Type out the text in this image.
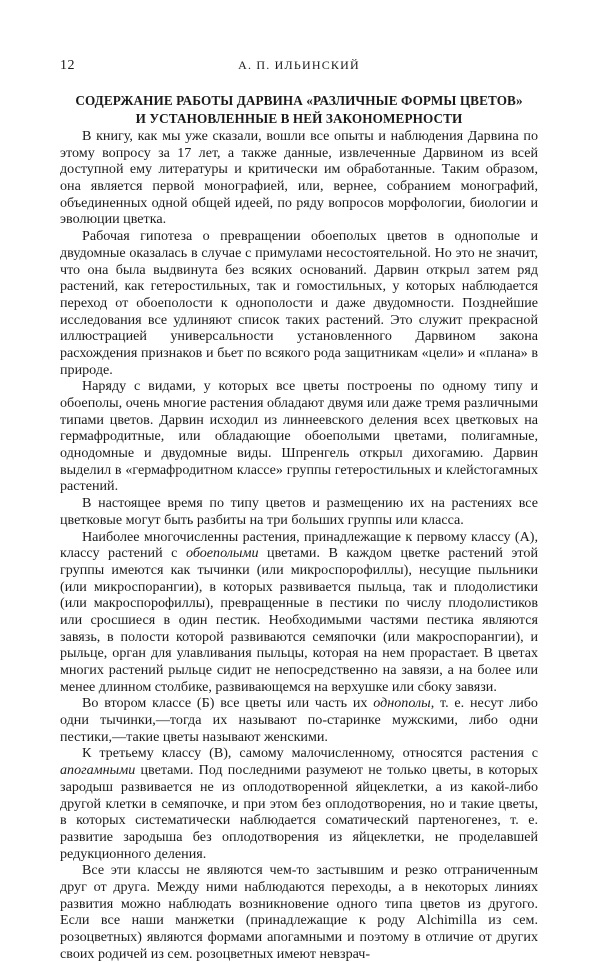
12	А. П. ИЛЬИНСКИЙ
СОДЕРЖАНИЕ РАБОТЫ ДАРВИНА «РАЗЛИЧНЫЕ ФОРМЫ ЦВЕТОВ»
И УСТАНОВЛЕННЫЕ В НЕЙ ЗАКОНОМЕРНОСТИ

В книгу, как мы уже сказали, вошли все опыты и наблюдения Дарвина по этому вопросу за 17 лет, а также данные, извлеченные Дарвином из всей доступной ему литературы и критически им обработанные. Таким образом, она является первой монографией, или, вернее, собранием монографий, объединенных одной общей идеей, по ряду вопросов морфологии, биологии и эволюции цветка.

Рабочая гипотеза о превращении обоеполых цветов в однополые и двудомные оказалась в случае с примулами несостоятельной. Но это не значит, что она была выдвинута без всяких оснований. Дарвин открыл затем ряд растений, как гетеростильных, так и гомостильных, у которых наблюдается переход от обоеполости к однополости и даже двудомности. Позднейшие исследования все удлиняют список таких растений. Это служит прекрасной иллюстрацией универсальности установленного Дарвином закона расхождения признаков и бьет по всякого рода защитникам «цели» и «плана» в природе.

Наряду с видами, у которых все цветы построены по одному типу и обоеполы, очень многие растения обладают двумя или даже тремя различными типами цветов. Дарвин исходил из линнеевского деления всех цветковых на гермафродитные, или обладающие обоеполыми цветами, полигамные, однодомные и двудомные виды. Шпренгель открыл дихогамию. Дарвин выделил в «гермафродитном классе» группы гетеростильных и клейстогамных растений.

В настоящее время по типу цветов и размещению их на растениях все цветковые могут быть разбиты на три больших группы или класса.

Наиболее многочисленны растения, принадлежащие к первому классу (А), классу растений с обоеполыми цветами. В каждом цветке растений этой группы имеются как тычинки (или микроспорофиллы), несущие пыльники (или микроспорангии), в которых развивается пыльца, так и плодолистики (или макроспорофиллы), превращенные в пестики по числу плодолистиков или сросшиеся в один пестик. Необходимыми частями пестика являются завязь, в полости которой развиваются семяпочки (или макроспорангии), и рыльце, орган для улавливания пыльцы, которая на нем прорастает. В цветах многих растений рыльце сидит не непосредственно на завязи, а на более или менее длинном столбике, развивающемся на верхушке или сбоку завязи.

Во втором классе (Б) все цветы или часть их однополы, т. е. несут либо одни тычинки,—тогда их называют по-старинке мужскими, либо одни пестики,—такие цветы называют женскими.

К третьему классу (В), самому малочисленному, относятся растения с апогамными цветами. Под последними разумеют не только цветы, в которых зародыш развивается не из оплодотворенной яйцеклетки, а из какой-либо другой клетки в семяпочке, и при этом без оплодотворения, но и такие цветы, в которых систематически наблюдается соматический партеногенез, т. е. развитие зародыша без оплодотворения из яйцеклетки, не проделавшей редукционного деления.

Все эти классы не являются чем-то застывшим и резко отграниченным друг от друга. Между ними наблюдаются переходы, а в некоторых линиях развития можно наблюдать возникновение одного типа цветов из другого. Если все наши манжетки (принадлежащие к роду Alchimilla из сем. розоцветных) являются формами апогамными и поэтому в отличие от других своих родичей из сем. розоцветных имеют невзрач-
